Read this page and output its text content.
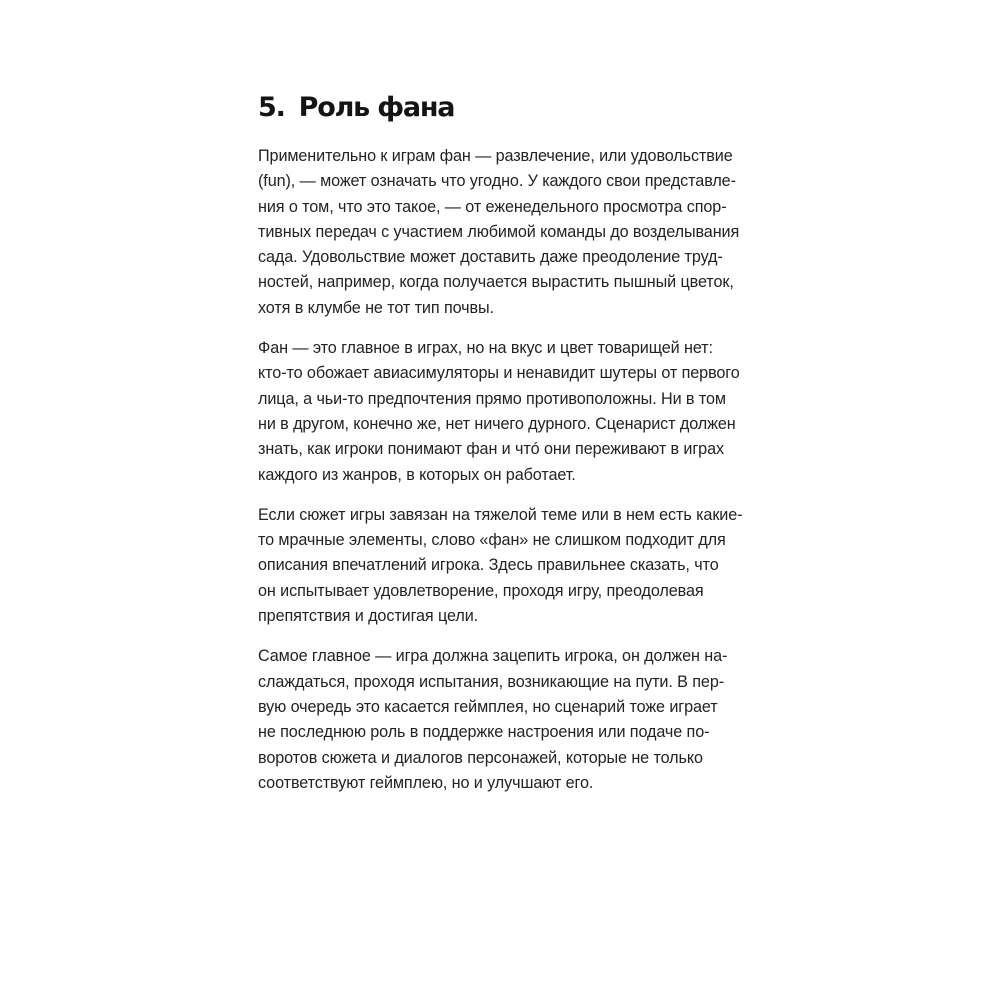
5. Роль фана

Применительно к играм фан — развлечение, или удовольствие
(fun), — может означать что угодно. У каждого свои представле-
ния о том, что это такое, — от еженедельного просмотра спор-
тивных передач с участием любимой команды до возделывания
сада. Удовольствие может доставить даже преодоление труд-
ностей, например, когда получается вырастить пышный цветок,
хотя в клумбе не тот тип почвы.

Фан — это главное в играх, но на вкус и цвет товарищей нет:
кто-то обожает авиасимуляторы и ненавидит шутеры от первого
лица, а чьи-то предпочтения прямо противоположны. Ни в том
ни в другом, конечно же, нет ничего дурного. Сценарист должен
знать, как игроки понимают фан и чтó они переживают в играх
каждого из жанров, в которых он работает.

Если сюжет игры завязан на тяжелой теме или в нем есть какие-
то мрачные элементы, слово «фан» не слишком подходит для
описания впечатлений игрока. Здесь правильнее сказать, что
он испытывает удовлетворение, проходя игру, преодолевая
препятствия и достигая цели.

Самое главное — игра должна зацепить игрока, он должен на-
слаждаться, проходя испытания, возникающие на пути. В пер-
вую очередь это касается геймплея, но сценарий тоже играет
не последнюю роль в поддержке настроения или подаче по-
воротов сюжета и диалогов персонажей, которые не только
соответствуют геймплею, но и улучшают его.
